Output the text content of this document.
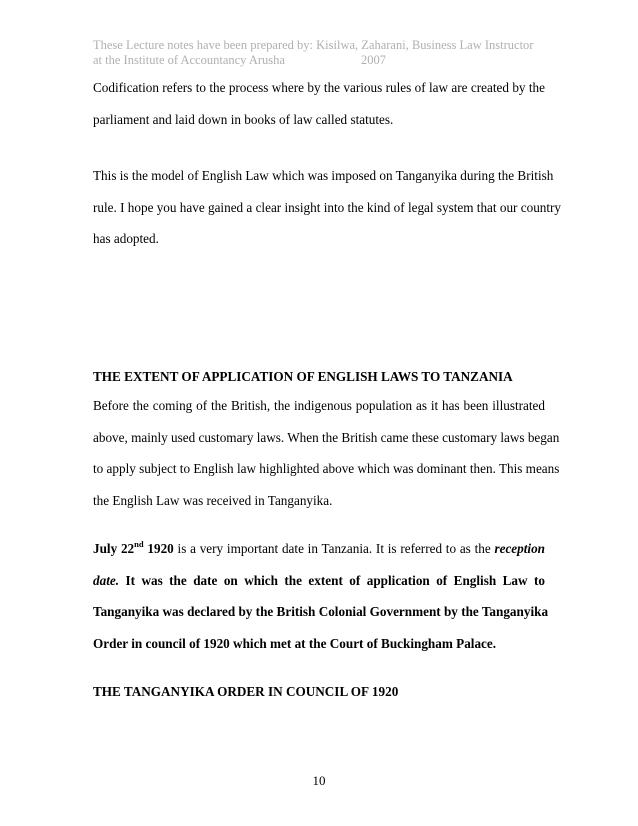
These Lecture notes have been prepared by: Kisilwa, Zaharani, Business Law Instructor
at the Institute of Accountancy Arusha	2007
Codification refers to the process where by the various rules of law are created by the
parliament and laid down in books of law called statutes.
This is the model of English Law which was imposed on Tanganyika during the British
rule. I hope you have gained a clear insight into the kind of legal system that our country
has adopted.
THE EXTENT OF APPLICATION OF ENGLISH LAWS TO TANZANIA
Before the coming of the British, the indigenous population as it has been illustrated
above, mainly used customary laws. When the British came these customary laws began
to apply subject to English law highlighted above which was dominant then. This means
the English Law was received in Tanganyika.
July 22nd 1920 is a very important date in Tanzania. It is referred to as the reception
date. It was the date on which the extent of application of English Law to
Tanganyika was declared by the British Colonial Government by the Tanganyika
Order in council of 1920 which met at the Court of Buckingham Palace.
THE TANGANYIKA ORDER IN COUNCIL OF 1920
10
